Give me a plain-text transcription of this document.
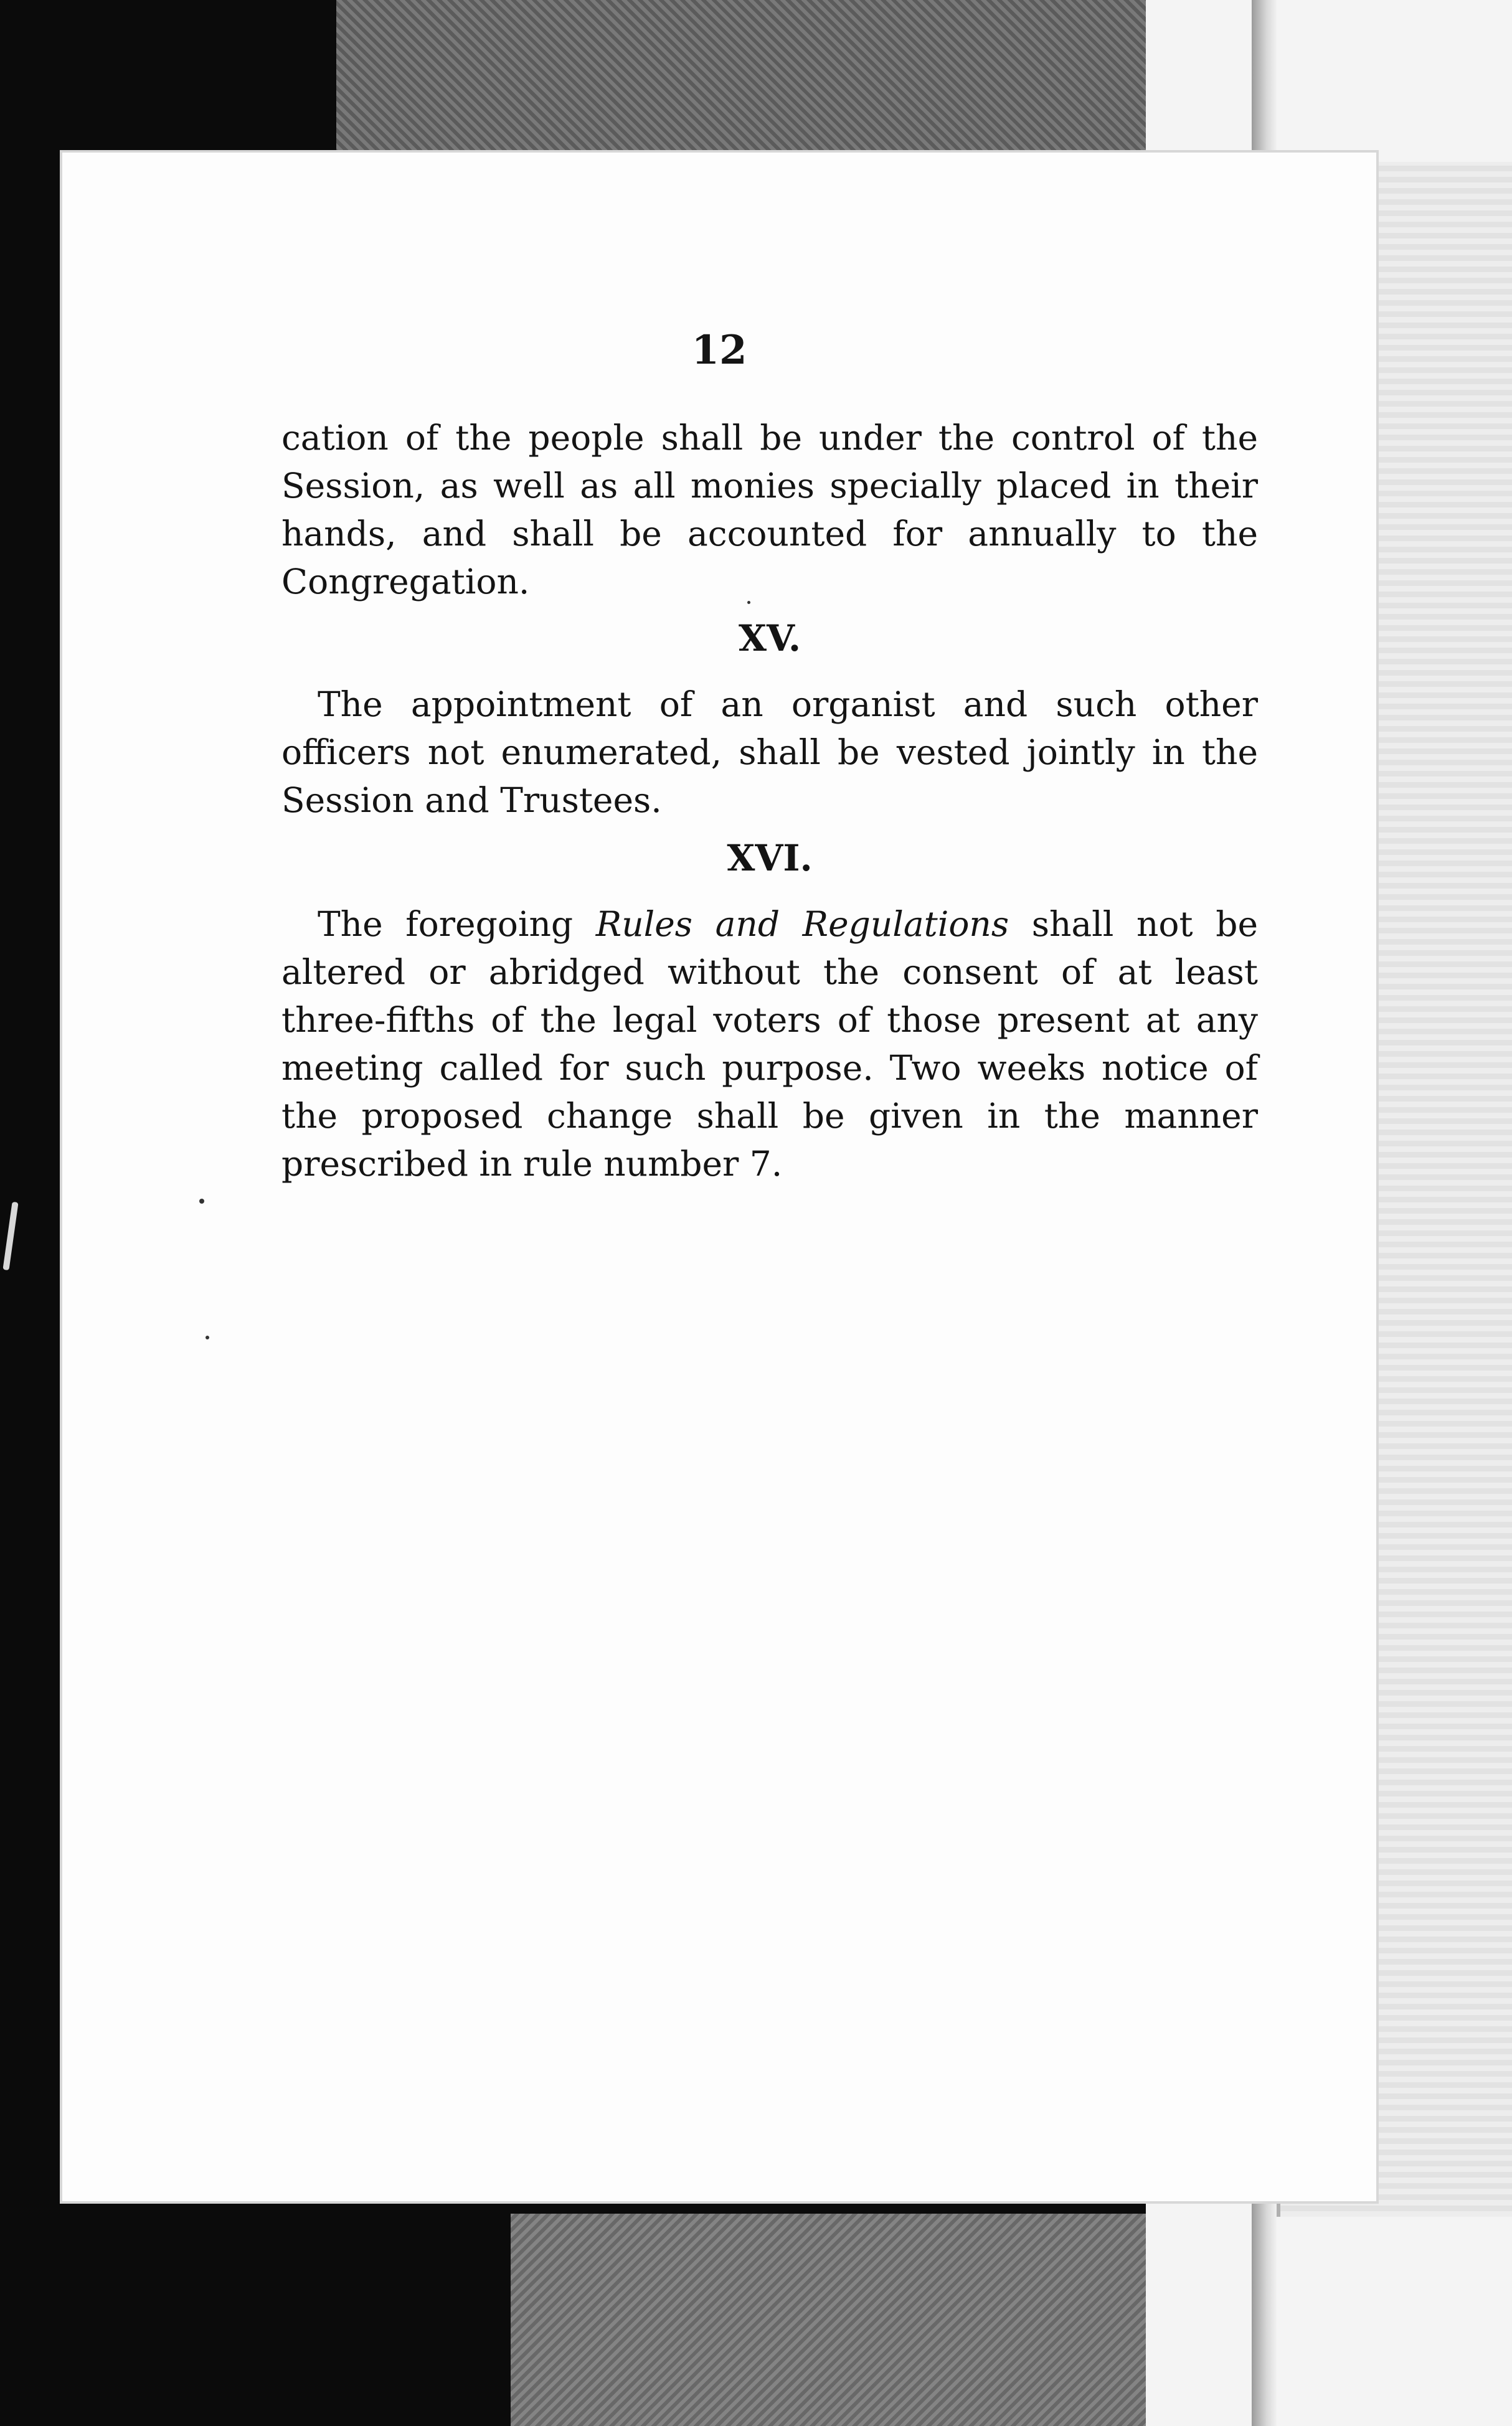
12

cation of the people shall be under the control of the Session, as well as all monies specially placed in their hands, and shall be accounted for annually to the Congregation.

XV.

The appointment of an organist and such other officers not enumerated, shall be vested jointly in the Session and Trustees.

XVI.

The foregoing Rules and Regulations shall not be altered or abridged without the consent of at least three-fifths of the legal voters of those present at any meeting called for such purpose. Two weeks notice of the proposed change shall be given in the manner prescribed in rule number 7.
